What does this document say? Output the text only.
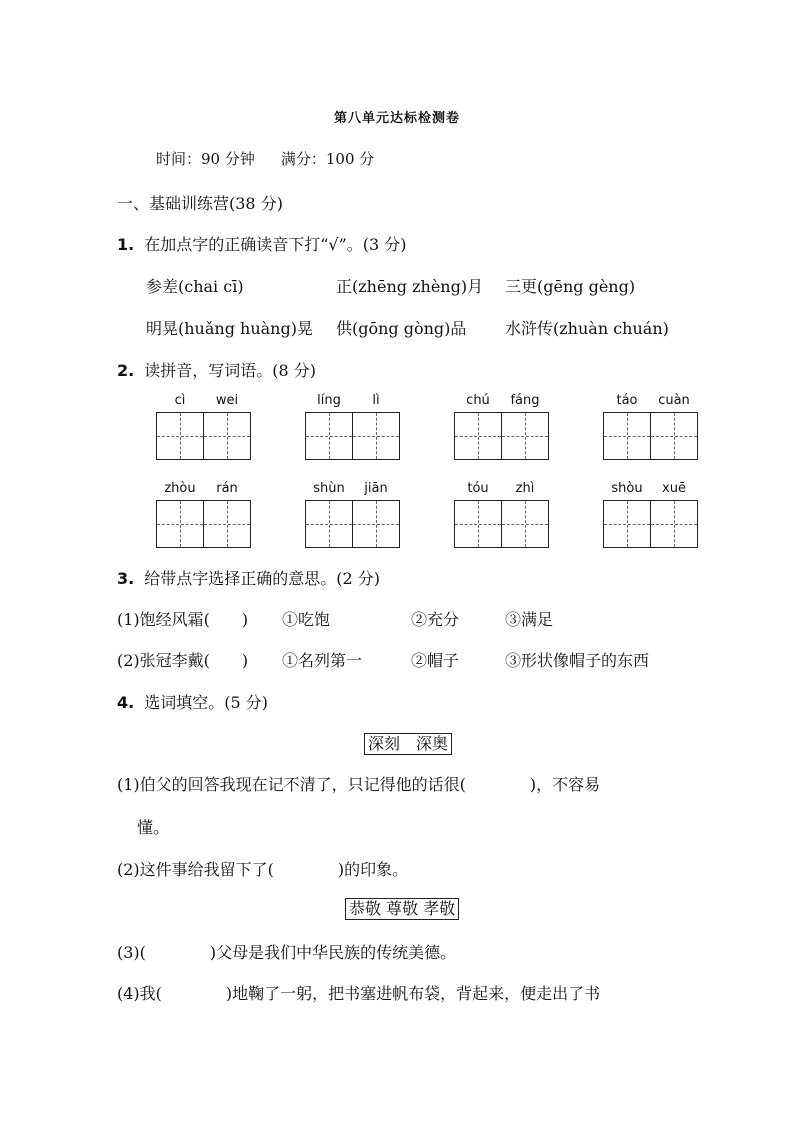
第八单元达标检测卷
时间：90 分钟 满分：100 分
一、基础训练营(38 分)
1. 在加点字的正确读音下打“√”。(3 分)
参差(chai cī)	正(zhēng zhèng)月 三更(gēng gèng)
明晃(huǎng huàng)晃 供(gōng gòng)品 水浒传(zhuàn chuán)
2. 读拼音，写词语。(8 分)
cì	wei	líng	lì	chú	fáng	táo	cuàn
zhòu	rán	shùn	jiān	tóu	zhì	shòu	xuē
3. 给带点字选择正确的意思。(2 分)
(1)饱经风霜(　　) ①吃饱	②充分	③满足
(2)张冠李戴(　　) ①名列第一	②帽子	③形状像帽子的东西
4. 选词填空。(5 分)
深刻　深奥
(1)伯父的回答我现在记不清了，只记得他的话很(　　　　)，不容易
懂。
(2)这件事给我留下了(　　　　)的印象。
恭敬 尊敬 孝敬
(3)(　　　　)父母是我们中华民族的传统美德。
(4)我(　　　　)地鞠了一躬，把书塞进帆布袋，背起来，便走出了书
